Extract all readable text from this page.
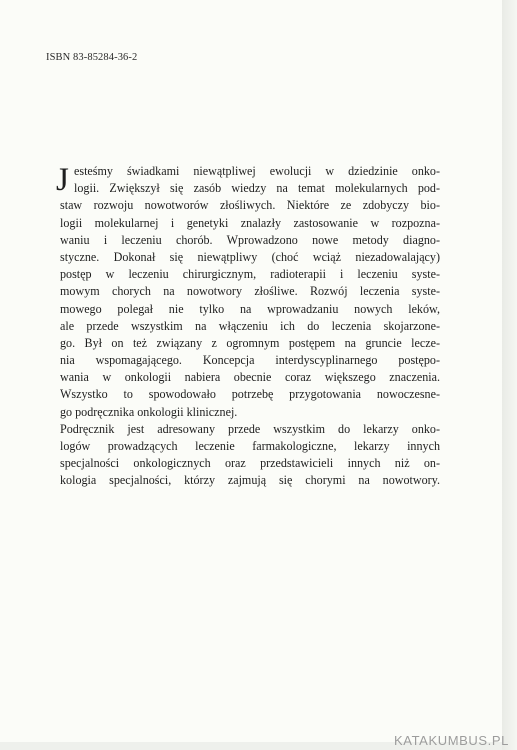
ISBN 83-85284-36-2
J esteśmy świadkami niewątpliwej ewolucji w dziedzinie onko-
logii. Zwiększył się zasób wiedzy na temat molekularnych pod-
staw rozwoju nowotworów złośliwych. Niektóre ze zdobyczy bio-
logii molekularnej i genetyki znalazły zastosowanie w rozpozna-
waniu i leczeniu chorób. Wprowadzono nowe metody diagno-
styczne. Dokonał się niewątpliwy (choć wciąż niezadowalający)
postęp w leczeniu chirurgicznym, radioterapii i leczeniu syste-
mowym chorych na nowotwory złośliwe. Rozwój leczenia syste-
mowego polegał nie tylko na wprowadzaniu nowych leków,
ale przede wszystkim na włączeniu ich do leczenia skojarzone-
go. Był on też związany z ogromnym postępem na gruncie lecze-
nia wspomagającego. Koncepcja interdyscyplinarnego postępo-
wania w onkologii nabiera obecnie coraz większego znaczenia.
Wszystko to spowodowało potrzebę przygotowania nowoczesne-
go podręcznika onkologii klinicznej.
Podręcznik jest adresowany przede wszystkim do lekarzy onko-
logów prowadzących leczenie farmakologiczne, lekarzy innych
specjalności onkologicznych oraz przedstawicieli innych niż on-
kologia specjalności, którzy zajmują się chorymi na nowotwory.
KATAKUMBUS.PL
